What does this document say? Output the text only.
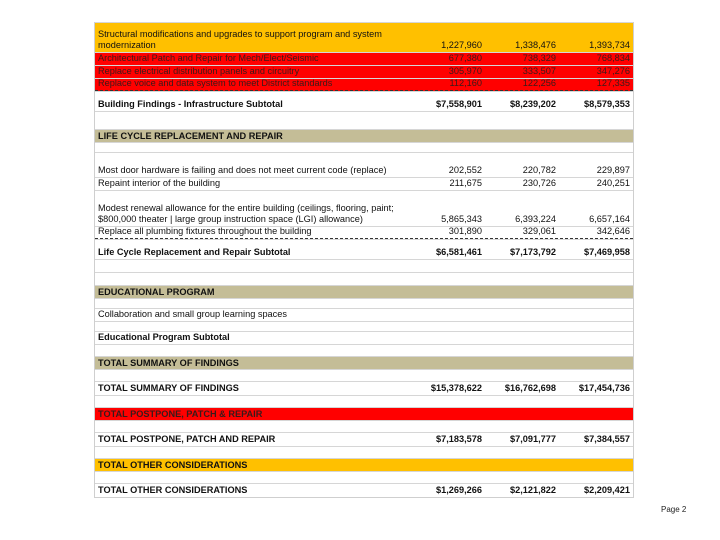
Structural modifications and upgrades to support program and system modernization	1,227,960	1,338,476	1,393,734
Architectural Patch and Repair for Mech/Elect/Seismic	677,380	738,329	768,834
Replace electrical distribution panels and circuitry	305,970	333,507	347,276
Replace voice and data system to meet District standards	112,160	122,256	127,335
Building Findings - Infrastructure Subtotal	$7,558,901	$8,239,202	$8,579,353
LIFE CYCLE REPLACEMENT AND REPAIR
Most door hardware is failing and does not meet current code (replace)	202,552	220,782	229,897
Repaint interior of the building	211,675	230,726	240,251
Modest renewal allowance for the entire building (ceilings, flooring, paint; $800,000 theater | large group instruction space (LGI) allowance)	5,865,343	6,393,224	6,657,164
Replace all plumbing fixtures throughout the building	301,890	329,061	342,646
Life Cycle Replacement and Repair Subtotal	$6,581,461	$7,173,792	$7,469,958
EDUCATIONAL PROGRAM
Collaboration and small group learning spaces
Educational Program Subtotal
TOTAL SUMMARY OF FINDINGS
TOTAL SUMMARY OF FINDINGS	$15,378,622	$16,762,698	$17,454,736
TOTAL POSTPONE, PATCH & REPAIR
TOTAL POSTPONE, PATCH AND REPAIR	$7,183,578	$7,091,777	$7,384,557
TOTAL OTHER CONSIDERATIONS
TOTAL OTHER CONSIDERATIONS	$1,269,266	$2,121,822	$2,209,421
Page 2
